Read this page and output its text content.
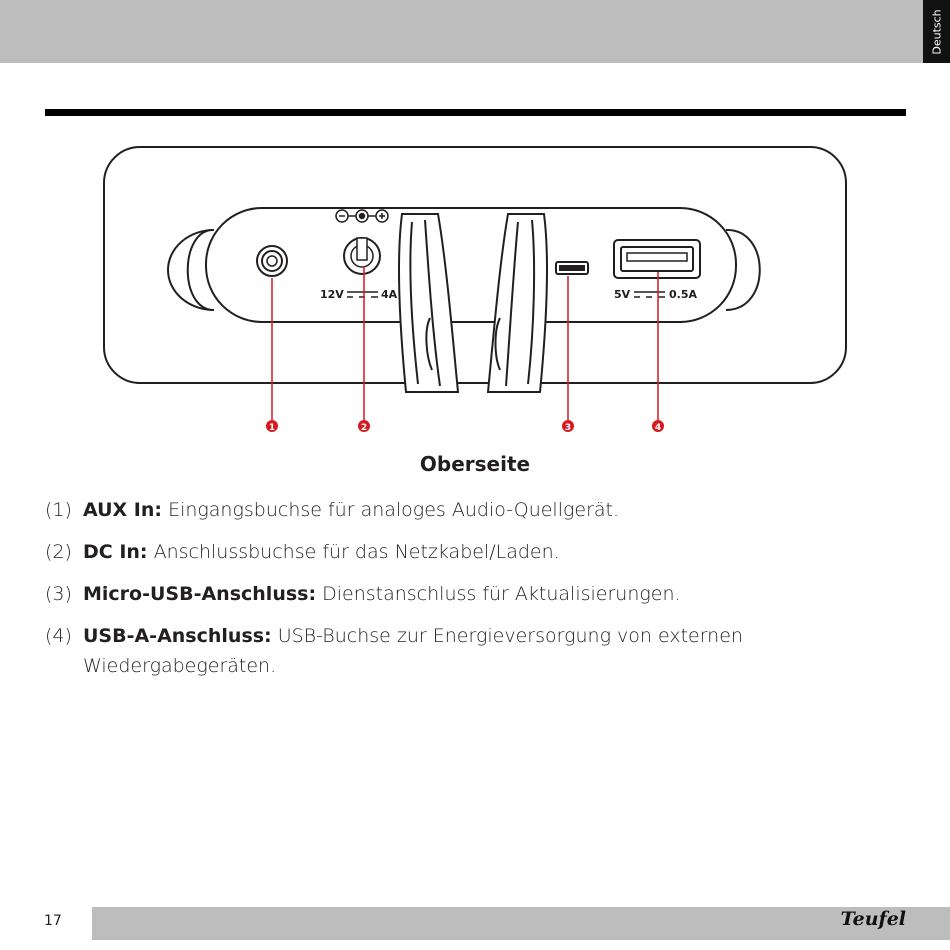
Deutsch
12V	4A	5V	0.5A
1	2	3	4
Oberseite
(1) AUX In: Eingangsbuchse für analoges Audio-Quellgerät.
(2) DC In: Anschlussbuchse für das Netzkabel/Laden.
(3) Micro-USB-Anschluss: Dienstanschluss für Aktualisierungen.
(4) USB-A-Anschluss: USB-Buchse zur Energieversorgung von externen Wiedergabegeräten.
17	Teufel
